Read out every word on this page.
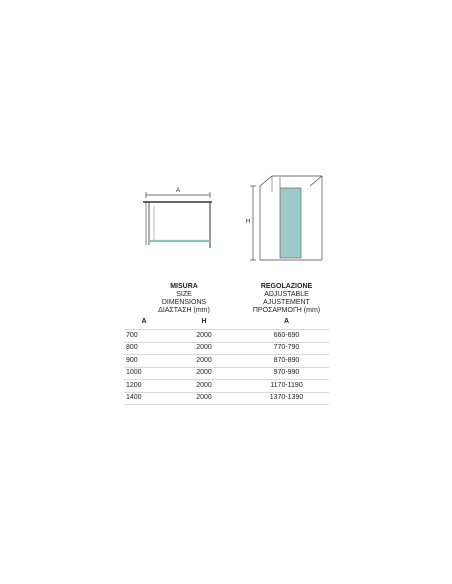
A
H
MISURA
SIZE
DIMENSIONS
ΔΙΑΣΤΑΣΗ (mm)
REGOLAZIONE
ADJUSTABLE
AJUSTEMENT
ΠΡΟΣΑΡΜΟΓΗ (mm)
A	H	A
700	2000	660-690
800	2000	770-790
900	2000	870-890
1000	2000	970-990
1200	2000	1170-1190
1400	2000	1370-1390
